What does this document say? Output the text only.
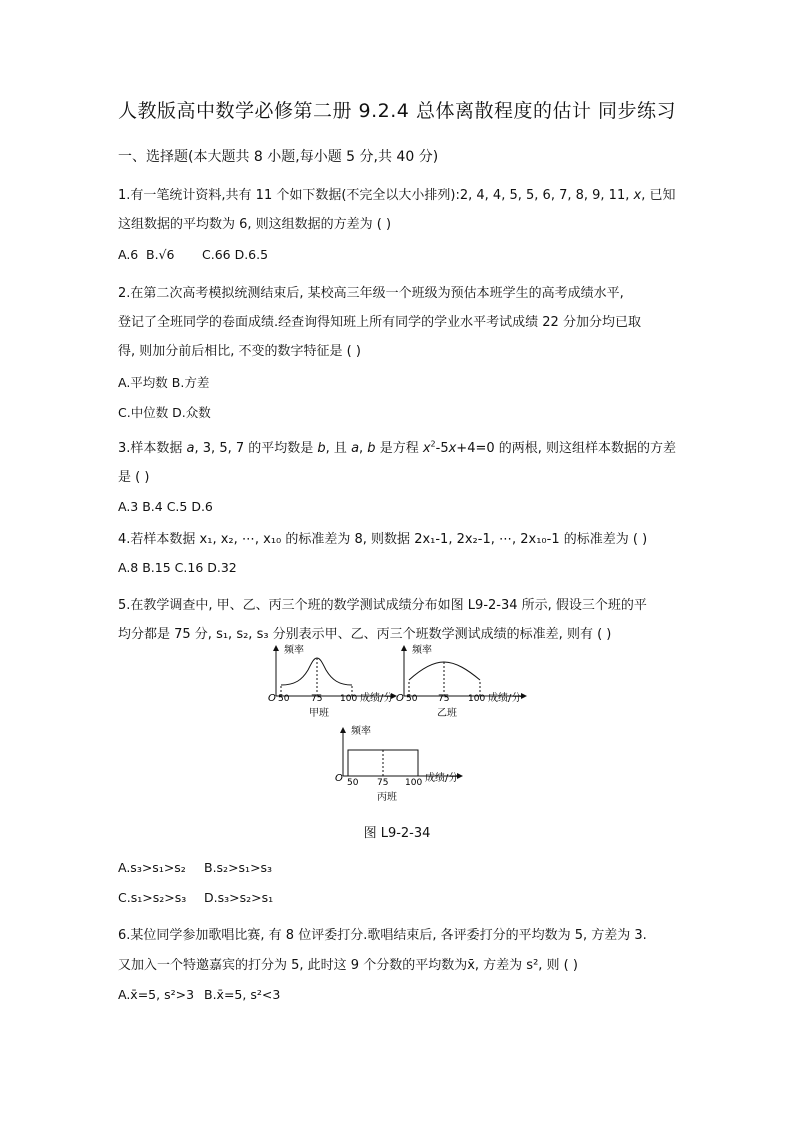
人教版高中数学必修第二册 9.2.4 总体离散程度的估计 同步练习
一、选择题(本大题共 8 小题,每小题 5 分,共 40 分)
1.有一笔统计资料,共有 11 个如下数据(不完全以大小排列):2, 4, 4, 5, 5, 6, 7, 8, 9, 11, x, 已知
这组数据的平均数为 6, 则这组数据的方差为 ( )
A.6 B.√6 C.66 D.6.5
2.在第二次高考模拟统测结束后, 某校高三年级一个班级为预估本班学生的高考成绩水平,
登记了全班同学的卷面成绩.经查询得知班上所有同学的学业水平考试成绩 22 分加分均已取
得, 则加分前后相比, 不变的数字特征是 ( )
A.平均数 B.方差
C.中位数 D.众数
3.样本数据 a, 3, 5, 7 的平均数是 b, 且 a, b 是方程 $x^2-5x+4=0$ 的两根, 则这组样本数据的方差
是 ( )
A.3 B.4 C.5 D.6
4.若样本数据 x₁, x₂, ⋯, x₁₀ 的标准差为 8, 则数据 2x₁-1, 2x₂-1, ⋯, 2x₁₀-1 的标准差为 ( )
A.8 B.15 C.16 D.32
5.在教学调查中, 甲、乙、丙三个班的数学测试成绩分布如图 L9-2-34 所示, 假设三个班的平
均分都是 75 分, s₁, s₂, s₃ 分别表示甲、乙、丙三个班数学测试成绩的标准差, 则有 ( )
频率
O 50 75 100 成绩/分
甲班
频率
O 50 75 100 成绩/分
乙班
频率
O 50 75 100 成绩/分
丙班
图 L9-2-34
A.s₃>s₁>s₂ B.s₂>s₁>s₃
C.s₁>s₂>s₃ D.s₃>s₂>s₁
6.某位同学参加歌唱比赛, 有 8 位评委打分.歌唱结束后, 各评委打分的平均数为 5, 方差为 3.
又加入一个特邀嘉宾的打分为 5, 此时这 9 个分数的平均数为x̄, 方差为 s², 则 ( )
A.x̄=5, s²>3 B.x̄=5, s²<3
